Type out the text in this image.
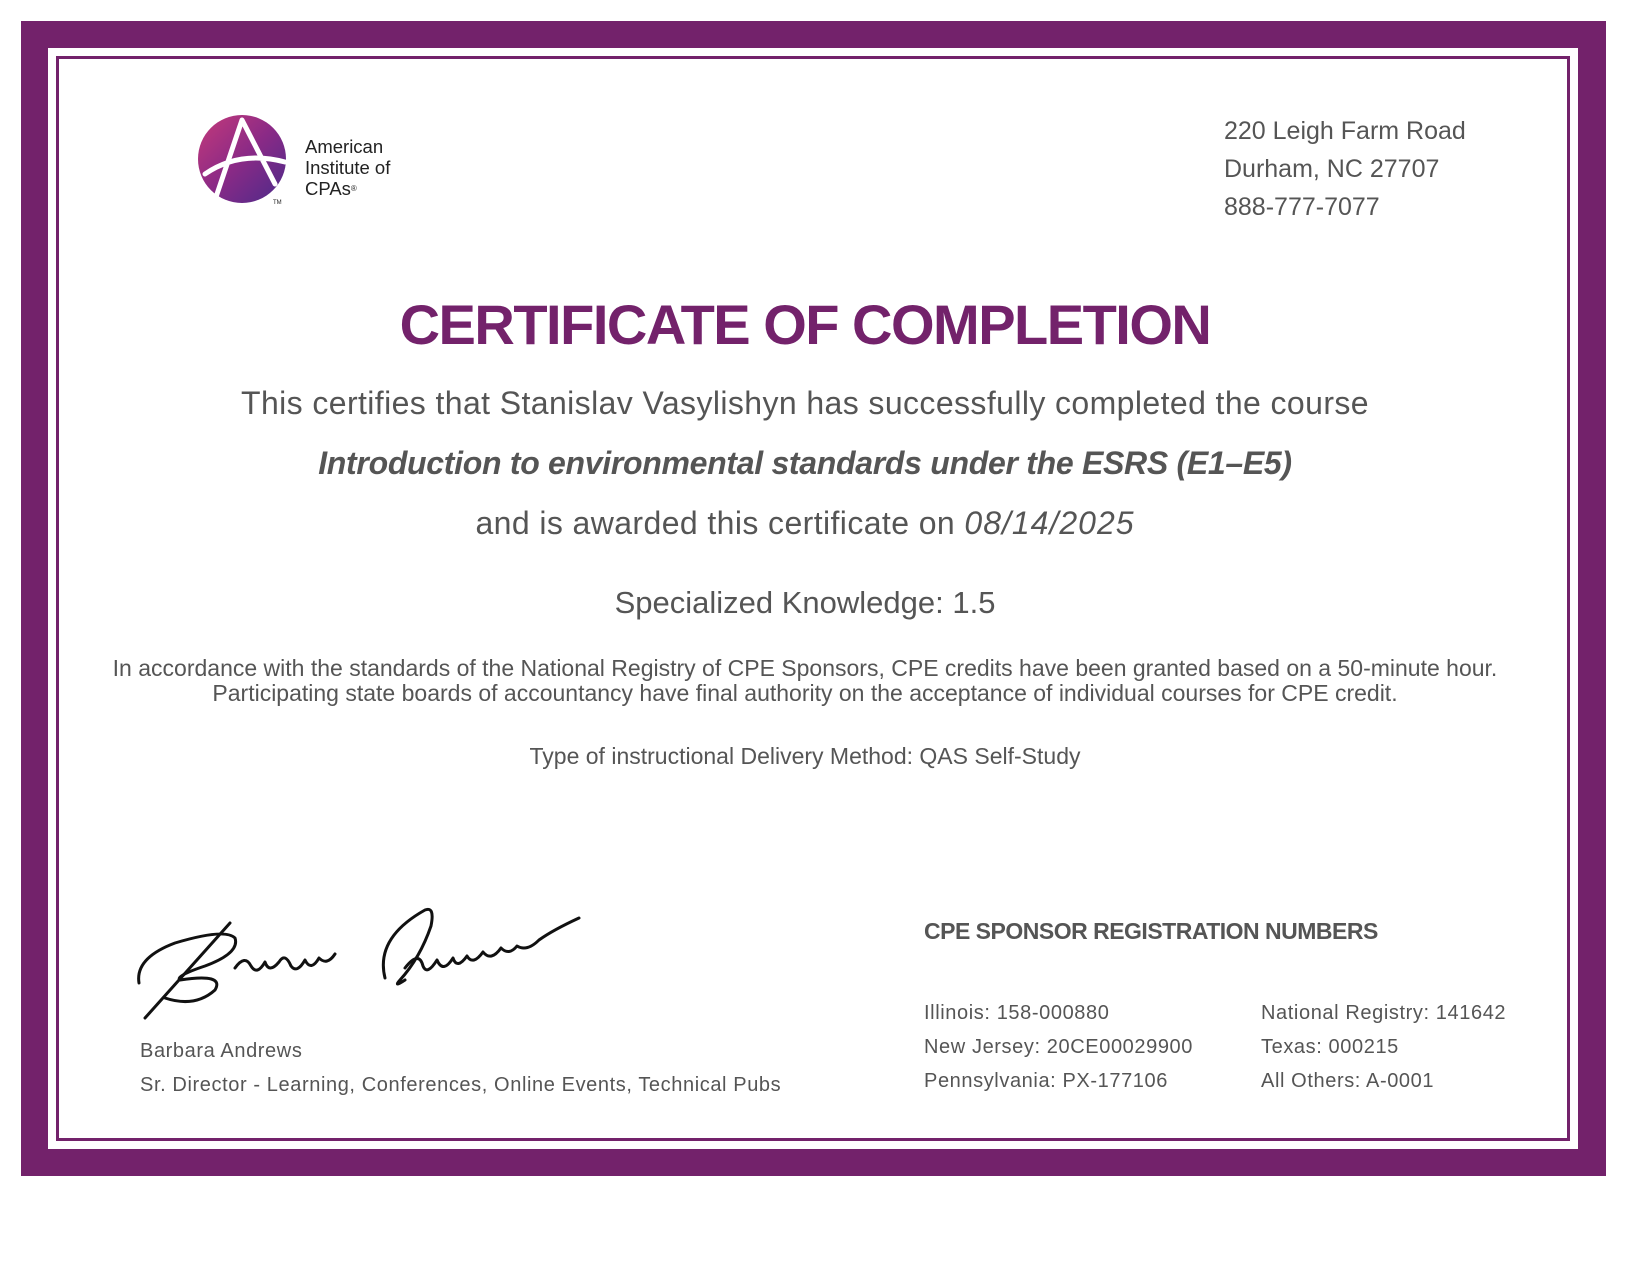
TM
American
Institute of
CPAs®
220 Leigh Farm Road
Durham, NC 27707
888-777-7077
CERTIFICATE OF COMPLETION
This certifies that Stanislav Vasylishyn has successfully completed the course
Introduction to environmental standards under the ESRS (E1–E5)
and is awarded this certificate on 08/14/2025
Specialized Knowledge: 1.5
In accordance with the standards of the National Registry of CPE Sponsors, CPE credits have been granted based on a 50-minute hour. Participating state boards of accountancy have final authority on the acceptance of individual courses for CPE credit.
Type of instructional Delivery Method: QAS Self-Study
Barbara Andrews
Sr. Director - Learning, Conferences, Online Events, Technical Pubs
CPE SPONSOR REGISTRATION NUMBERS
Illinois: 158-000880
New Jersey: 20CE00029900
Pennsylvania: PX-177106
National Registry: 141642
Texas: 000215
All Others: A-0001
